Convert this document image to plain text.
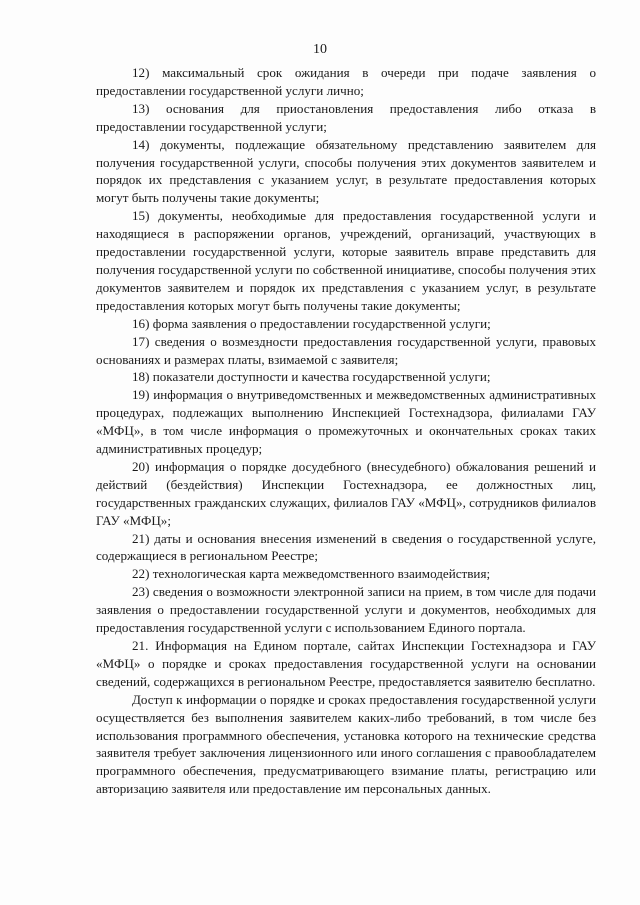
10

12) максимальный срок ожидания в очереди при подаче заявления о предоставлении государственной услуги лично;

13) основания для приостановления предоставления либо отказа в предоставлении государственной услуги;

14) документы, подлежащие обязательному представлению заявителем для получения государственной услуги, способы получения этих документов заявителем и порядок их представления с указанием услуг, в результате предоставления которых могут быть получены такие документы;

15) документы, необходимые для предоставления государственной услуги и находящиеся в распоряжении органов, учреждений, организаций, участвующих в предоставлении государственной услуги, которые заявитель вправе представить для получения государственной услуги по собственной инициативе, способы получения этих документов заявителем и порядок их представления с указанием услуг, в результате предоставления которых могут быть получены такие документы;

16) форма заявления о предоставлении государственной услуги;

17) сведения о возмездности предоставления государственной услуги, правовых основаниях и размерах платы, взимаемой с заявителя;

18) показатели доступности и качества государственной услуги;

19) информация о внутриведомственных и межведомственных административных процедурах, подлежащих выполнению Инспекцией Гостехнадзора, филиалами ГАУ «МФЦ», в том числе информация о промежуточных и окончательных сроках таких административных процедур;

20) информация о порядке досудебного (внесудебного) обжалования решений и действий (бездействия) Инспекции Гостехнадзора, ее должностных лиц, государственных гражданских служащих, филиалов ГАУ «МФЦ», сотрудников филиалов ГАУ «МФЦ»;

21) даты и основания внесения изменений в сведения о государственной услуге, содержащиеся в региональном Реестре;

22) технологическая карта межведомственного взаимодействия;

23) сведения о возможности электронной записи на прием, в том числе для подачи заявления о предоставлении государственной услуги и документов, необходимых для предоставления государственной услуги с использованием Единого портала.

21. Информация на Едином портале, сайтах Инспекции Гостехнадзора и ГАУ «МФЦ» о порядке и сроках предоставления государственной услуги на основании сведений, содержащихся в региональном Реестре, предоставляется заявителю бесплатно.

Доступ к информации о порядке и сроках предоставления государственной услуги осуществляется без выполнения заявителем каких-либо требований, в том числе без использования программного обеспечения, установка которого на технические средства заявителя требует заключения лицензионного или иного соглашения с правообладателем программного обеспечения, предусматривающего взимание платы, регистрацию или авторизацию заявителя или предоставление им персональных данных.
